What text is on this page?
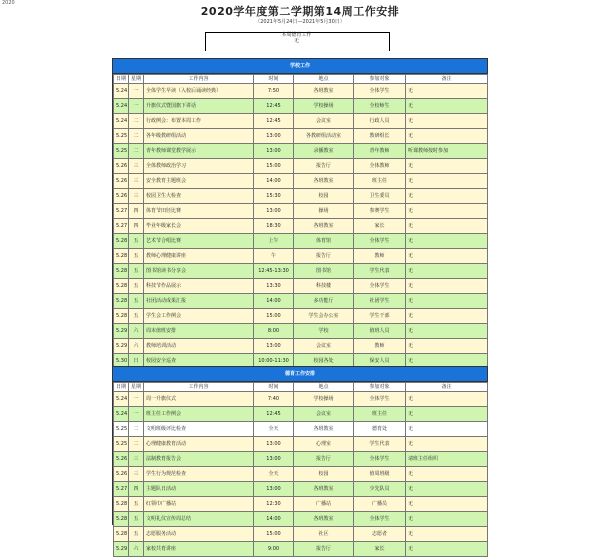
2020
2020学年度第二学期第14周工作安排
（2021年5月24日—2021年5月30日）
本周德育工作
无
学校工作
日期	星期	工作内容	时间	地点	参加对象	备注
5.24	一	全体学生早读（入校后诵读经典）	7:50	各班教室	全体学生	无
5.24	一	升旗仪式暨国旗下讲话	12:45	学校操场	全校师生	无
5.24	二	行政例会：布置本周工作	12:45	会议室	行政人员	无
5.25	二	各年级教研组活动	13:00	各教研组活动室	教研组长	无
5.25	二	青年教师课堂教学展示	13:00	录播教室	青年教师	听课教师按时参加
5.26	三	全体教师政治学习	15:00	报告厅	全体教师	无
5.26	三	安全教育主题班会	14:00	各班教室	班主任	无
5.26	三	校园卫生大检查	15:30	校园	卫生委员	无
5.27	四	体育节田径比赛	13:00	操场	参赛学生	无
5.27	四	毕业年级家长会	18:30	各班教室	家长	无
5.28	五	艺术节合唱比赛	上午	体育馆	全体学生	无
5.28	五	教师心理健康讲座	午	报告厅	教师	无
5.28	五	图书馆读书分享会	12:45-13:30	图书馆	学生代表	无
5.28	五	科技节作品展示	13:30	科技楼	全体学生	无
5.28	五	社团活动成果汇报	14:00	多功能厅	社团学生	无
5.28	五	学生会工作例会	15:00	学生会办公室	学生干部	无
5.29	六	周末值班安排	8:00	学校	值班人员	无
5.29	六	教师培训活动	13:00	会议室	教师	无
5.30	日	校园安全巡查	10:00-11:30	校园各处	保安人员	无
德育工作安排
日期	星期	工作内容	时间	地点	参加对象	备注
5.24	一	周一升旗仪式	7:40	学校操场	全体学生	无
5.24	一	班主任工作例会	12:45	会议室	班主任	无
5.25	二	文明班级评比检查	全天	各班教室	德育处	无
5.25	二	心理健康教育活动	13:00	心理室	学生代表	无
5.26	三	法制教育报告会	13:00	报告厅	全体学生	请班主任组织
5.26	三	学生行为规范检查	全天	校园	值周班级	无
5.27	四	主题队日活动	13:00	各班教室	少先队员	无
5.28	五	红领巾广播站	12:30	广播站	广播员	无
5.28	五	文明礼仪宣传周总结	14:00	各班教室	全体学生	无
5.28	五	志愿服务活动	15:00	社区	志愿者	无
5.29	六	家校共育讲座	9:00	报告厅	家长	无
